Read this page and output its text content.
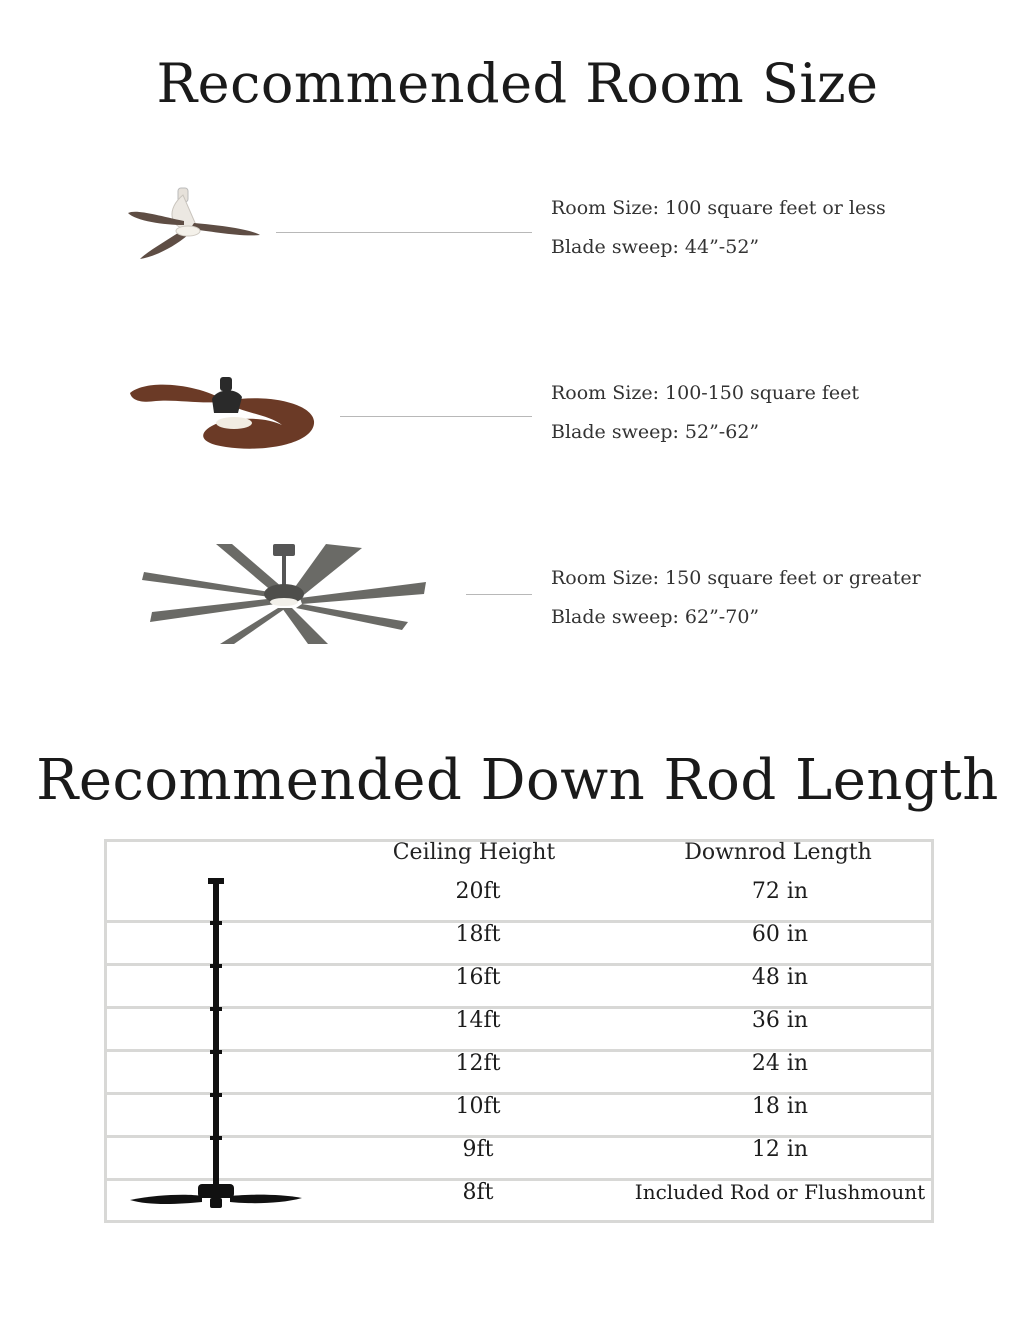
Recommended Room Size
Room Size: 100 square feet or less
Blade sweep: 44”-52”
Room Size: 100-150 square feet
Blade sweep: 52”-62”
Room Size: 150 square feet or greater
Blade sweep: 62”-70”
Recommended Down Rod Length
Ceiling Height	Downrod Length
20ft	72 in
18ft	60 in
16ft	48 in
14ft	36 in
12ft	24 in
10ft	18 in
9ft	12 in
8ft	Included Rod or Flushmount
